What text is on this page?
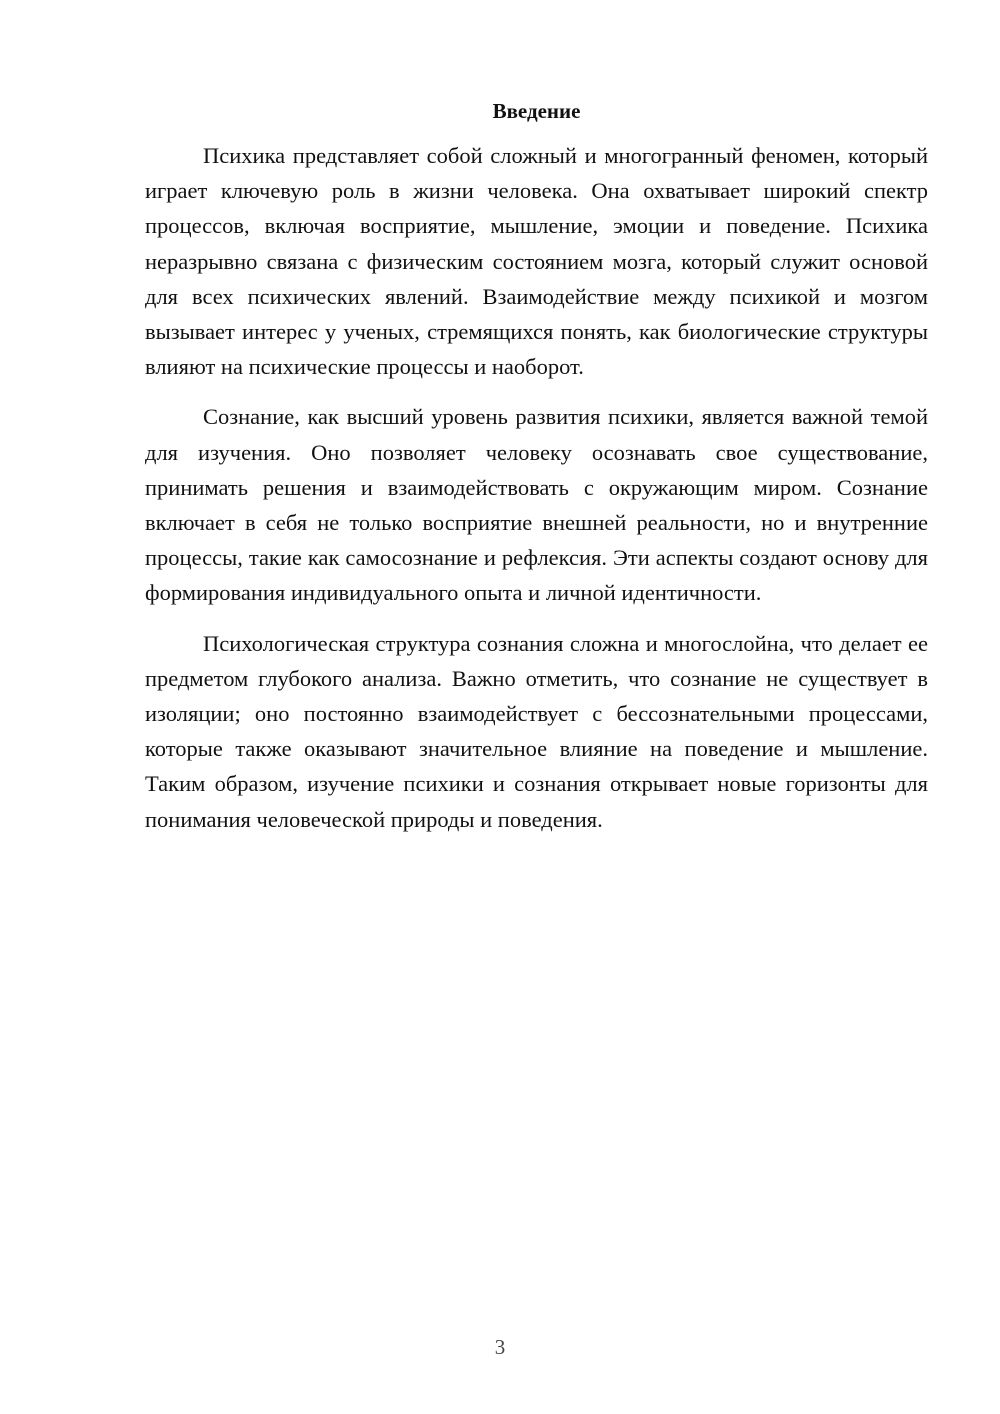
Введение

Психика представляет собой сложный и многогранный феномен, который играет ключевую роль в жизни человека. Она охватывает широкий спектр процессов, включая восприятие, мышление, эмоции и поведение. Психика неразрывно связана с физическим состоянием мозга, который служит основой для всех психических явлений. Взаимодействие между психикой и мозгом вызывает интерес у ученых, стремящихся понять, как биологические структуры влияют на психические процессы и наоборот.

Сознание, как высший уровень развития психики, является важной темой для изучения. Оно позволяет человеку осознавать свое существование, принимать решения и взаимодействовать с окружающим миром. Сознание включает в себя не только восприятие внешней реальности, но и внутренние процессы, такие как самосознание и рефлексия. Эти аспекты создают основу для формирования индивидуального опыта и личной идентичности.

Психологическая структура сознания сложна и многослойна, что делает ее предметом глубокого анализа. Важно отметить, что сознание не существует в изоляции; оно постоянно взаимодействует с бессознательными процессами, которые также оказывают значительное влияние на поведение и мышление. Таким образом, изучение психики и сознания открывает новые горизонты для понимания человеческой природы и поведения.

3
